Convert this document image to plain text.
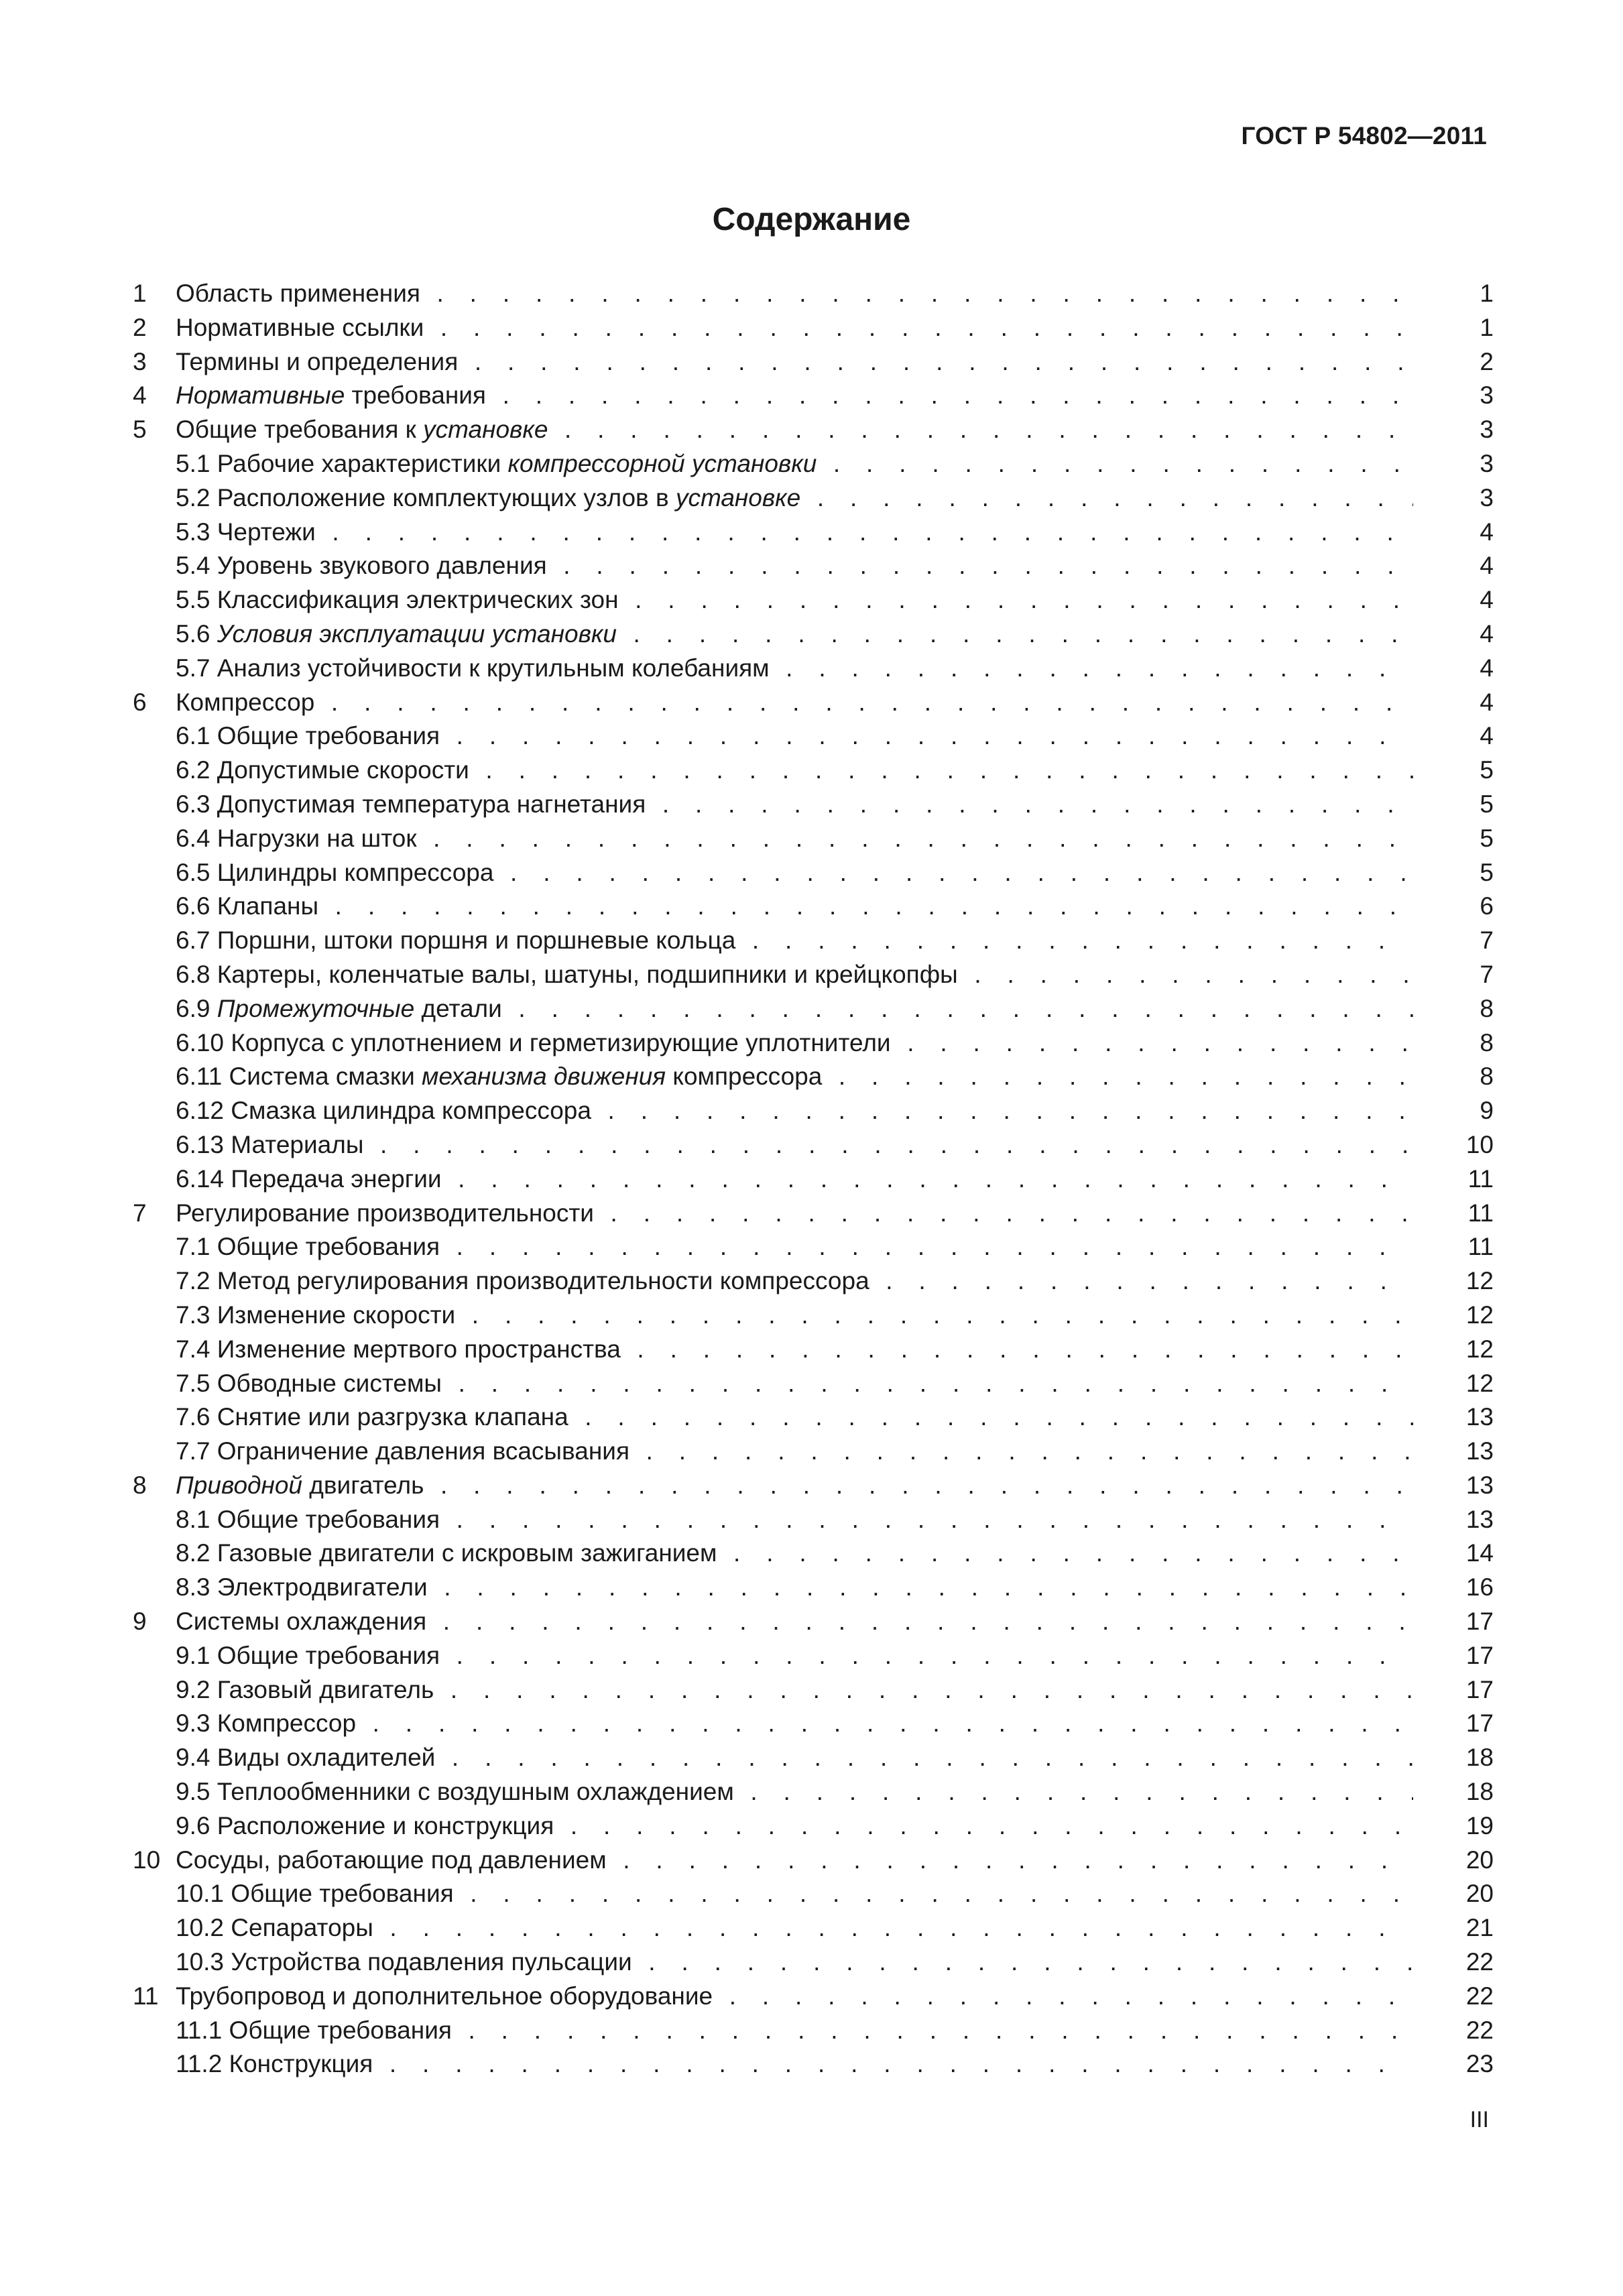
ГОСТ Р 54802—2011
Содержание
1 Область применения . . .	1
2 Нормативные ссылки . . .	1
3 Термины и определения . . .	2
4 Нормативные требования . . .	3
5 Общие требования к установке . . .	3
5.1 Рабочие характеристики компрессорной установки . . .	3
5.2 Расположение комплектующих узлов в установке . . .	3
5.3 Чертежи . . .	4
5.4 Уровень звукового давления . . .	4
5.5 Классификация электрических зон . . .	4
5.6 Условия эксплуатации установки . . .	4
5.7 Анализ устойчивости к крутильным колебаниям . . .	4
6 Компрессор . . .	4
6.1 Общие требования . . .	4
6.2 Допустимые скорости . . .	5
6.3 Допустимая температура нагнетания . . .	5
6.4 Нагрузки на шток . . .	5
6.5 Цилиндры компрессора . . .	5
6.6 Клапаны . . .	6
6.7 Поршни, штоки поршня и поршневые кольца . . .	7
6.8 Картеры, коленчатые валы, шатуны, подшипники и крейцкопфы . . .	7
6.9 Промежуточные детали . . .	8
6.10 Корпуса с уплотнением и герметизирующие уплотнители . . .	8
6.11 Система смазки механизма движения компрессора . . .	8
6.12 Смазка цилиндра компрессора . . .	9
6.13 Материалы . . .	10
6.14 Передача энергии . . .	11
7 Регулирование производительности . . .	11
7.1 Общие требования . . .	11
7.2 Метод регулирования производительности компрессора . . .	12
7.3 Изменение скорости . . .	12
7.4 Изменение мертвого пространства . . .	12
7.5 Обводные системы . . .	12
7.6 Снятие или разгрузка клапана . . .	13
7.7 Ограничение давления всасывания . . .	13
8 Приводной двигатель . . .	13
8.1 Общие требования . . .	13
8.2 Газовые двигатели с искровым зажиганием . . .	14
8.3 Электродвигатели . . .	16
9 Системы охлаждения . . .	17
9.1 Общие требования . . .	17
9.2 Газовый двигатель . . .	17
9.3 Компрессор . . .	17
9.4 Виды охладителей . . .	18
9.5 Теплообменники с воздушным охлаждением . . .	18
9.6 Расположение и конструкция . . .	19
10 Сосуды, работающие под давлением . . .	20
10.1 Общие требования . . .	20
10.2 Сепараторы . . .	21
10.3 Устройства подавления пульсации . . .	22
11 Трубопровод и дополнительное оборудование . . .	22
11.1 Общие требования . . .	22
11.2 Конструкция . . .	23
III
